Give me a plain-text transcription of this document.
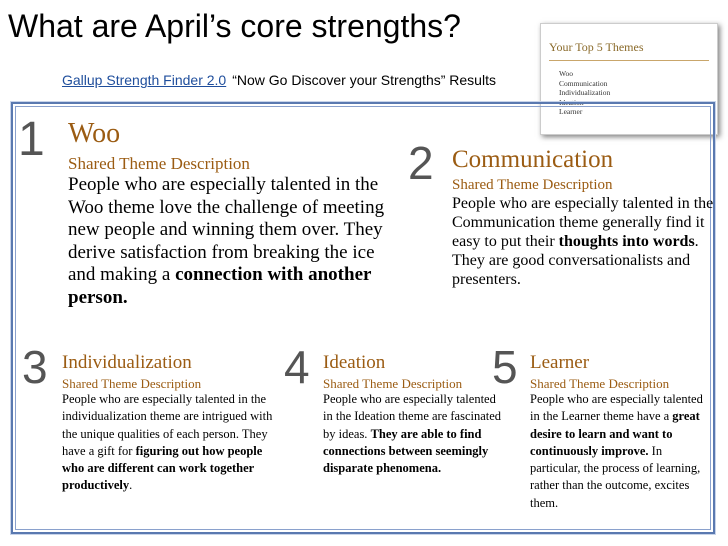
What are April’s core strengths?
Gallup Strength Finder 2.0 “Now Go Discover your Strengths” Results
Your Top 5 Themes
Woo
Communication
Individualization
Ideation
Learner
1 Woo
Shared Theme Description
People who are especially talented in the Woo theme love the challenge of meeting new people and winning them over. They derive satisfaction from breaking the ice and making a connection with another person.
2 Communication
Shared Theme Description
People who are especially talented in the Communication theme generally find it easy to put their thoughts into words. They are good conversationalists and presenters.
3 Individualization
Shared Theme Description
People who are especially talented in the individualization theme are intrigued with the unique qualities of each person. They have a gift for figuring out how people who are different can work together productively.
4 Ideation
Shared Theme Description
People who are especially talented in the Ideation theme are fascinated by ideas. They are able to find connections between seemingly disparate phenomena.
5 Learner
Shared Theme Description
People who are especially talented in the Learner theme have a great desire to learn and want to continuously improve. In particular, the process of learning, rather than the outcome, excites them.
